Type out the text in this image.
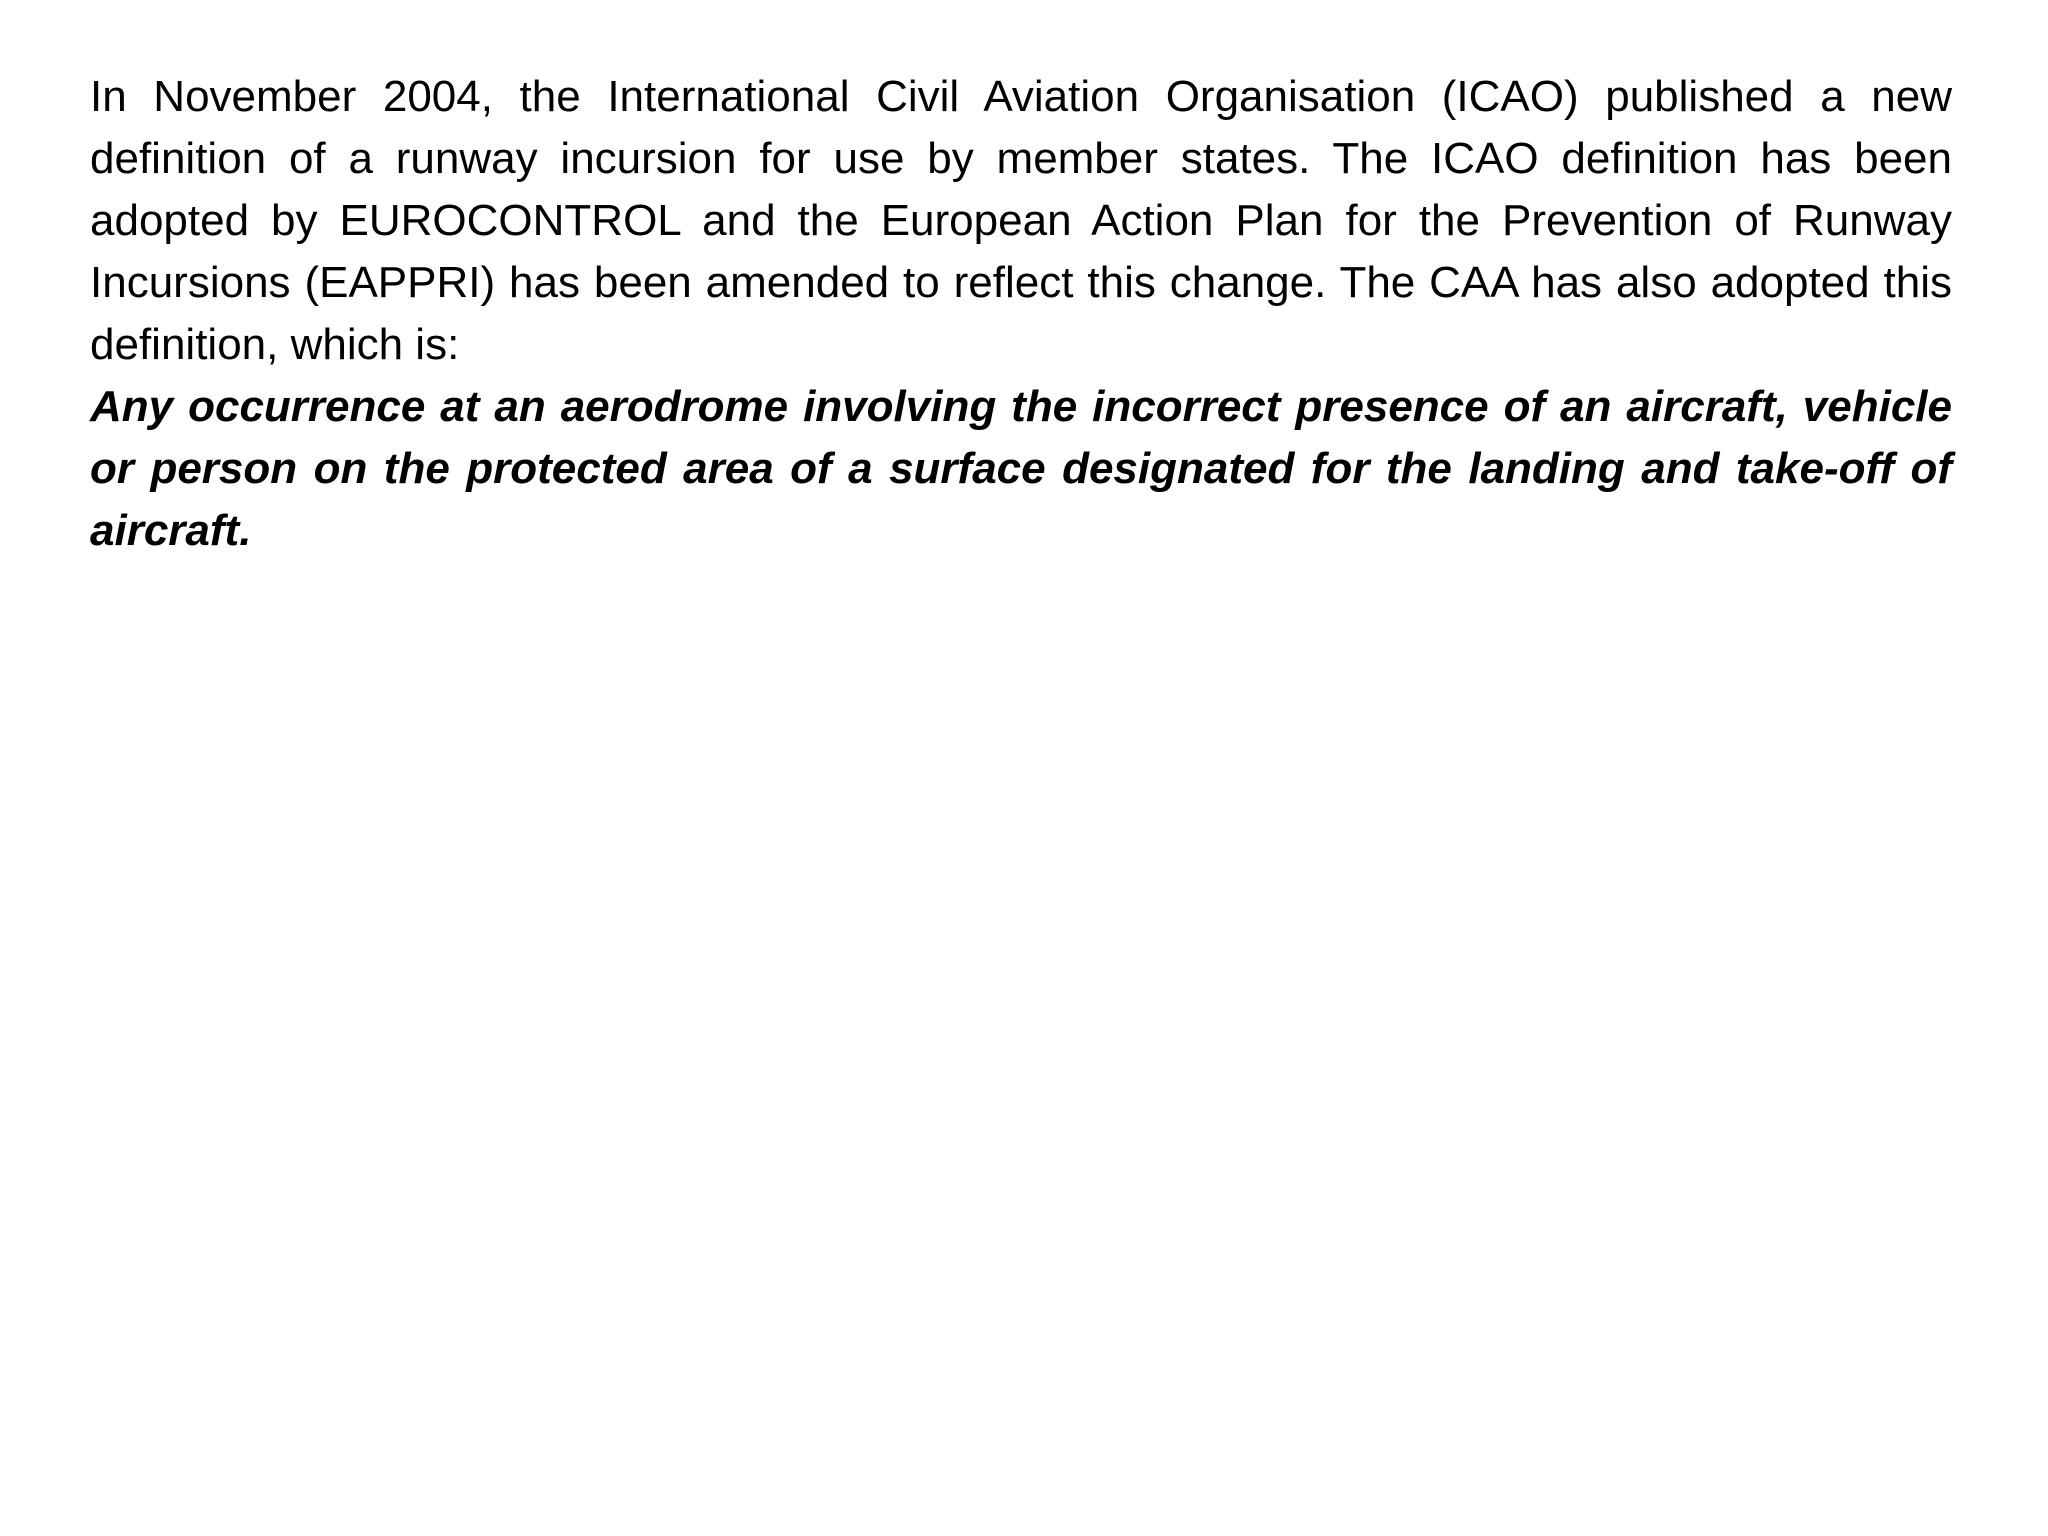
In November 2004, the International Civil Aviation Organisation (ICAO) published a new definition of a runway incursion for use by member states. The ICAO definition has been adopted by EUROCONTROL and the European Action Plan for the Prevention of Runway Incursions (EAPPRI) has been amended to reflect this change. The CAA has also adopted this definition, which is:

Any occurrence at an aerodrome involving the incorrect presence of an aircraft, vehicle or person on the protected area of a surface designated for the landing and take-off of aircraft.
